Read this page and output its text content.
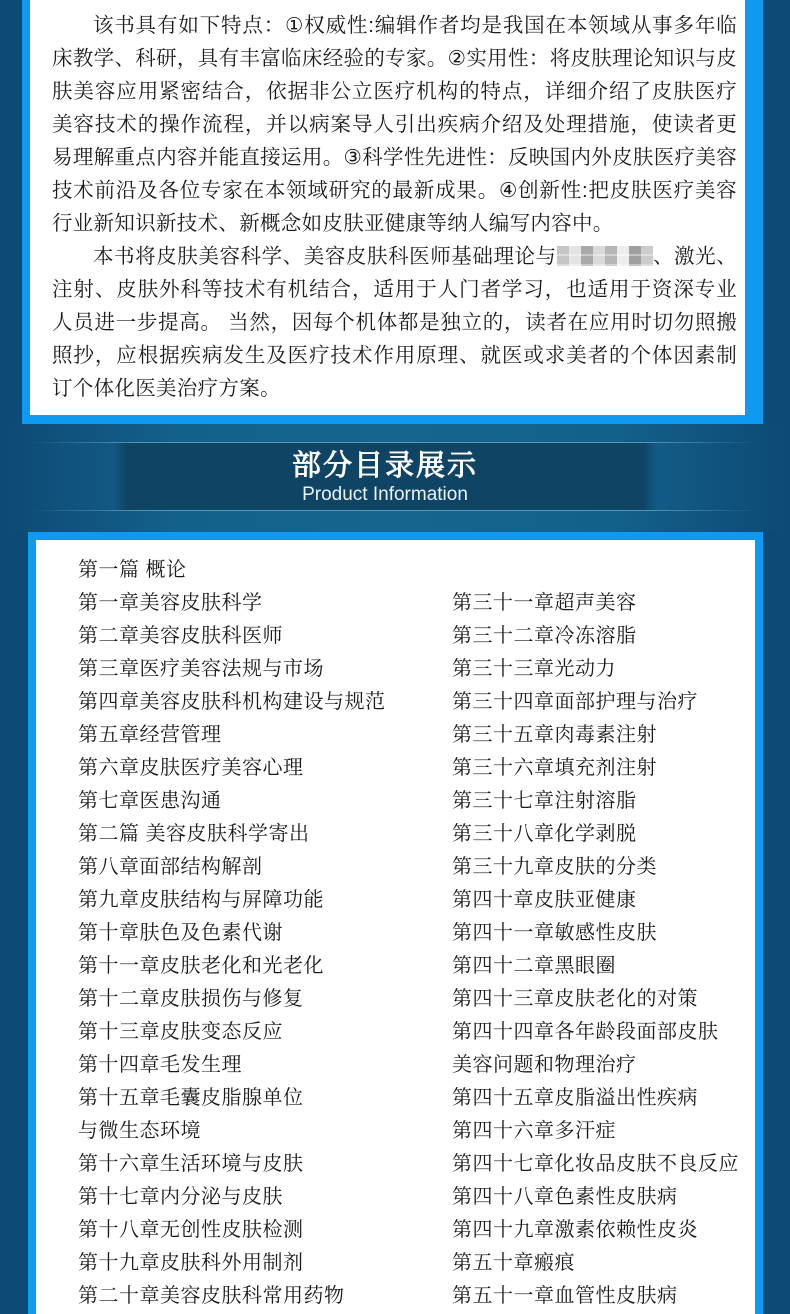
该书具有如下特点：①权威性:编辑作者均是我国在本领域从事多年临床教学、科研，具有丰富临床经验的专家。②实用性：将皮肤理论知识与皮肤美容应用紧密结合，依据非公立医疗机构的特点，详细介绍了皮肤医疗美容技术的操作流程，并以病案导人引出疾病介绍及处理措施，使读者更易理解重点内容并能直接运用。③科学性先进性：反映国内外皮肤医疗美容技术前沿及各位专家在本领域研究的最新成果。④创新性:把皮肤医疗美容行业新知识新技术、新概念如皮肤亚健康等纳人编写内容中。

本书将皮肤美容科学、美容皮肤科医师基础理论与	、激光、注射、皮肤外科等技术有机结合，适用于人门者学习，也适用于资深专业人员进一步提高。 当然，因每个机体都是独立的，读者在应用时切勿照搬照抄，应根据疾病发生及医疗技术作用原理、就医或求美者的个体因素制订个体化医美治疗方案。

部分目录展示
Product Information
第一篇 概论
第一章美容皮肤科学
第二章美容皮肤科医师
第三章医疗美容法规与市场
第四章美容皮肤科机构建设与规范
第五章经营管理
第六章皮肤医疗美容心理
第七章医患沟通
第二篇 美容皮肤科学寄出
第八章面部结构解剖
第九章皮肤结构与屏障功能
第十章肤色及色素代谢
第十一章皮肤老化和光老化
第十二章皮肤损伤与修复
第十三章皮肤变态反应
第十四章毛发生理
第十五章毛囊皮脂腺单位
与微生态环境
第十六章生活环境与皮肤
第十七章内分泌与皮肤
第十八章无创性皮肤检测
第十九章皮肤科外用制剂
第二十章美容皮肤科常用药物
第三十一章超声美容
第三十二章冷冻溶脂
第三十三章光动力
第三十四章面部护理与治疗
第三十五章肉毒素注射
第三十六章填充剂注射
第三十七章注射溶脂
第三十八章化学剥脱
第三十九章皮肤的分类
第四十章皮肤亚健康
第四十一章敏感性皮肤
第四十二章黑眼圈
第四十三章皮肤老化的对策
第四十四章各年龄段面部皮肤
美容问题和物理治疗
第四十五章皮脂溢出性疾病
第四十六章多汗症
第四十七章化妆品皮肤不良反应
第四十八章色素性皮肤病
第四十九章激素依赖性皮炎
第五十章瘢痕
第五十一章血管性皮肤病
